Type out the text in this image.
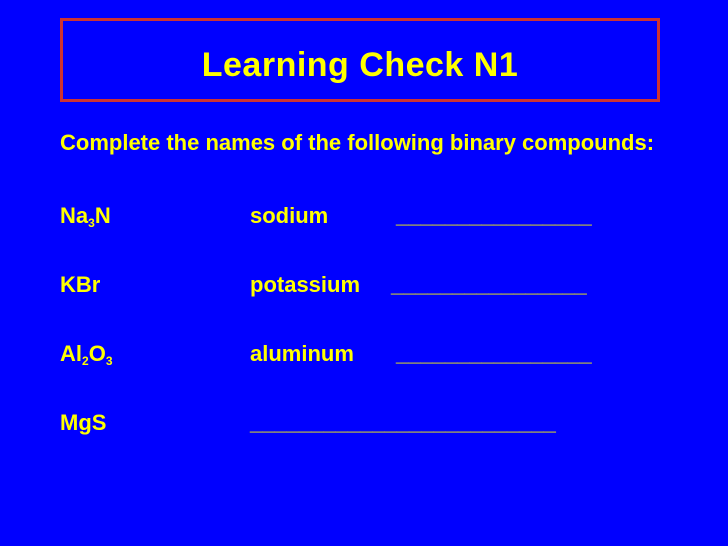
Learning Check N1

Complete the names of the following binary compounds:

$Na_3N$	sodium	________________
KBr	potassium ________________
$Al_2O_3$	aluminum ________________
MgS	_________________________
